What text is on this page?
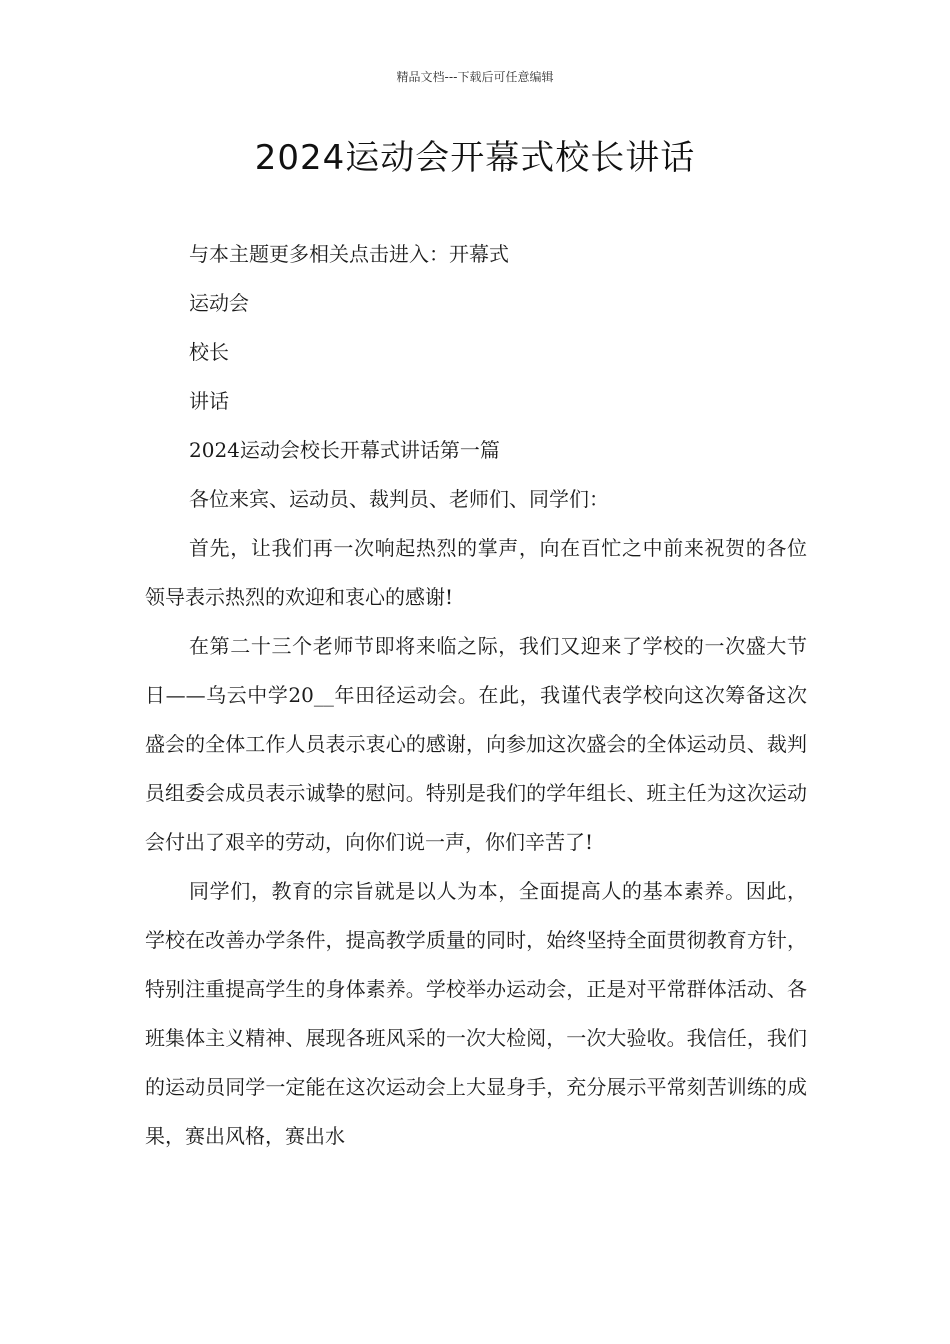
精品文档---下载后可任意编辑
2024运动会开幕式校长讲话

与本主题更多相关点击进入：开幕式

运动会

校长

讲话

2024运动会校长开幕式讲话第一篇

各位来宾、运动员、裁判员、老师们、同学们：

首先，让我们再一次响起热烈的掌声，向在百忙之中前来祝贺的各位领导表示热烈的欢迎和衷心的感谢!

在第二十三个老师节即将来临之际，我们又迎来了学校的一次盛大节日——乌云中学20__年田径运动会。在此，我谨代表学校向这次筹备这次盛会的全体工作人员表示衷心的感谢，向参加这次盛会的全体运动员、裁判员组委会成员表示诚挚的慰问。特别是我们的学年组长、班主任为这次运动会付出了艰辛的劳动，向你们说一声，你们辛苦了!

同学们，教育的宗旨就是以人为本，全面提高人的基本素养。因此，学校在改善办学条件，提高教学质量的同时，始终坚持全面贯彻教育方针，特别注重提高学生的身体素养。学校举办运动会，正是对平常群体活动、各班集体主义精神、展现各班风采的一次大检阅，一次大验收。我信任，我们的运动员同学一定能在这次运动会上大显身手，充分展示平常刻苦训练的成果，赛出风格，赛出水
